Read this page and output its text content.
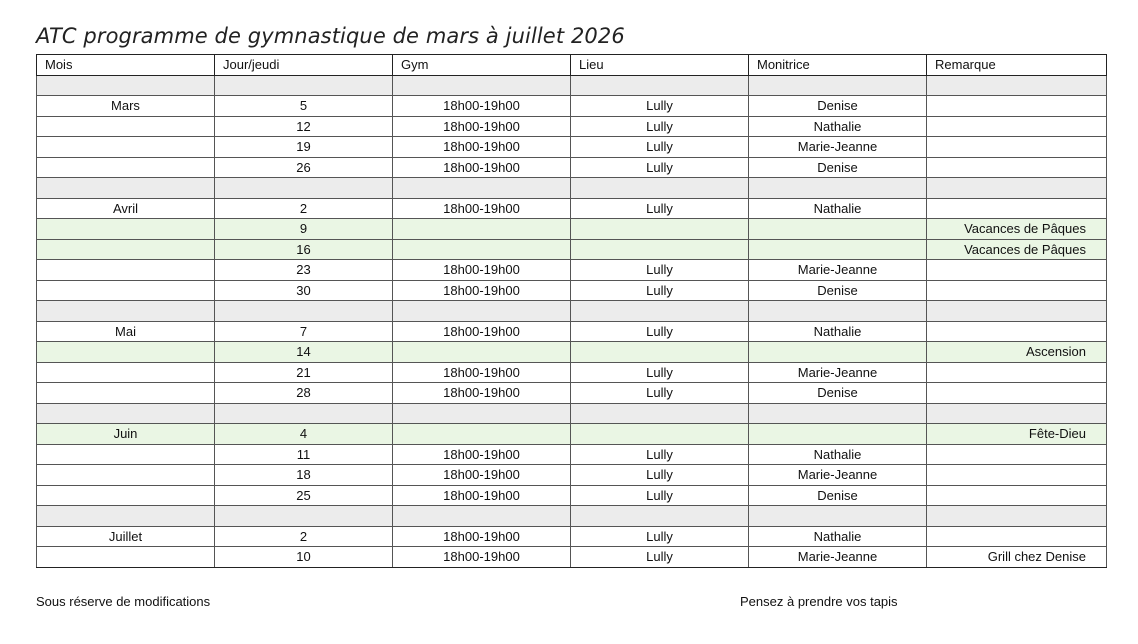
ATC programme de gymnastique de mars à juillet 2026
Mois	Jour/jeudi	Gym	Lieu	Monitrice	Remarque

Mars	5	18h00-19h00	Lully	Denise	
	12	18h00-19h00	Lully	Nathalie	
	19	18h00-19h00	Lully	Marie-Jeanne	
	26	18h00-19h00	Lully	Denise	

Avril	2	18h00-19h00	Lully	Nathalie	
	9				Vacances de Pâques
	16				Vacances de Pâques
	23	18h00-19h00	Lully	Marie-Jeanne	
	30	18h00-19h00	Lully	Denise	

Mai	7	18h00-19h00	Lully	Nathalie	
	14				Ascension
	21	18h00-19h00	Lully	Marie-Jeanne	
	28	18h00-19h00	Lully	Denise	

Juin	4				Fête-Dieu
	11	18h00-19h00	Lully	Nathalie	
	18	18h00-19h00	Lully	Marie-Jeanne	
	25	18h00-19h00	Lully	Denise	

Juillet	2	18h00-19h00	Lully	Nathalie	
	10	18h00-19h00	Lully	Marie-Jeanne	Grill chez Denise
Sous réserve de modifications	Pensez à prendre vos tapis
